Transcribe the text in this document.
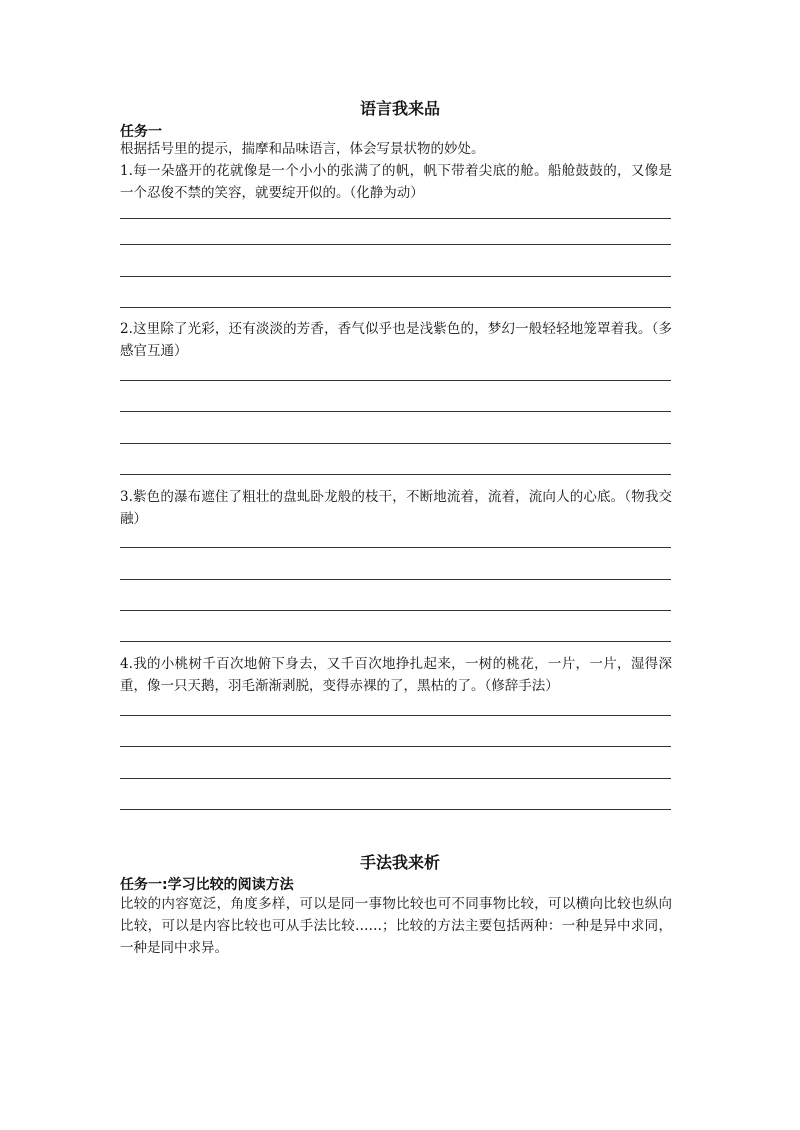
语言我来品
任务一
根据括号里的提示，揣摩和品味语言，体会写景状物的妙处。
1.每一朵盛开的花就像是一个小小的张满了的帆，帆下带着尖底的舱。船舱鼓鼓的，又像是一个忍俊不禁的笑容，就要绽开似的。（化静为动）
2.这里除了光彩，还有淡淡的芳香，香气似乎也是浅紫色的，梦幻一般轻轻地笼罩着我。（多感官互通）
3.紫色的瀑布遮住了粗壮的盘虬卧龙般的枝干，不断地流着，流着，流向人的心底。（物我交融）
4.我的小桃树千百次地俯下身去，又千百次地挣扎起来，一树的桃花，一片，一片，湿得深重，像一只天鹅，羽毛渐渐剥脱，变得赤裸的了，黑枯的了。（修辞手法）
手法我来析
任务一:学习比较的阅读方法
比较的内容宽泛，角度多样，可以是同一事物比较也可不同事物比较，可以横向比较也纵向比较，可以是内容比较也可从手法比较……；比较的方法主要包括两种：一种是异中求同，一种是同中求异。
